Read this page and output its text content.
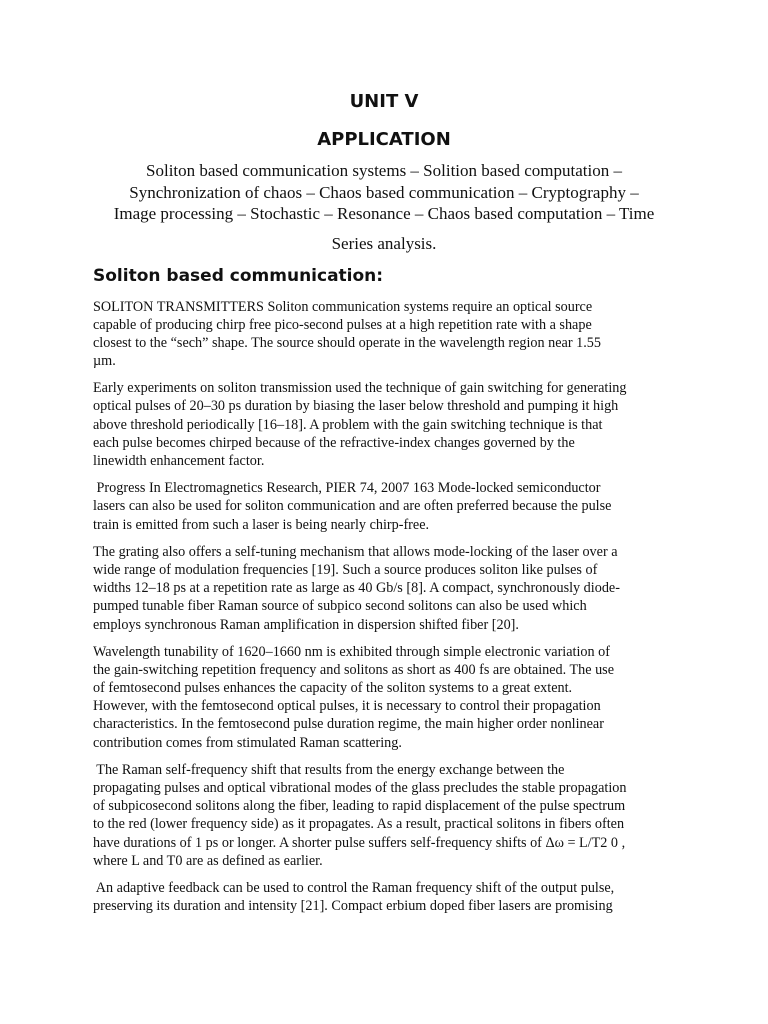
UNIT V
APPLICATION
Soliton based communication systems – Solition based computation –
Synchronization of chaos – Chaos based communication – Cryptography –
Image processing – Stochastic – Resonance – Chaos based computation – Time
Series analysis.
Soliton based communication:
SOLITON TRANSMITTERS Soliton communication systems require an optical source
capable of producing chirp free pico-second pulses at a high repetition rate with a shape
closest to the “sech” shape. The source should operate in the wavelength region near 1.55
µm.
Early experiments on soliton transmission used the technique of gain switching for generating
optical pulses of 20–30 ps duration by biasing the laser below threshold and pumping it high
above threshold periodically [16–18]. A problem with the gain switching technique is that
each pulse becomes chirped because of the refractive-index changes governed by the
linewidth enhancement factor.
Progress In Electromagnetics Research, PIER 74, 2007 163 Mode-locked semiconductor
lasers can also be used for soliton communication and are often preferred because the pulse
train is emitted from such a laser is being nearly chirp-free.
The grating also offers a self-tuning mechanism that allows mode-locking of the laser over a
wide range of modulation frequencies [19]. Such a source produces soliton like pulses of
widths 12–18 ps at a repetition rate as large as 40 Gb/s [8]. A compact, synchronously diode-
pumped tunable fiber Raman source of subpico second solitons can also be used which
employs synchronous Raman amplification in dispersion shifted fiber [20].
Wavelength tunability of 1620–1660 nm is exhibited through simple electronic variation of
the gain-switching repetition frequency and solitons as short as 400 fs are obtained. The use
of femtosecond pulses enhances the capacity of the soliton systems to a great extent.
However, with the femtosecond optical pulses, it is necessary to control their propagation
characteristics. In the femtosecond pulse duration regime, the main higher order nonlinear
contribution comes from stimulated Raman scattering.
The Raman self-frequency shift that results from the energy exchange between the
propagating pulses and optical vibrational modes of the glass precludes the stable propagation
of subpicosecond solitons along the fiber, leading to rapid displacement of the pulse spectrum
to the red (lower frequency side) as it propagates. As a result, practical solitons in fibers often
have durations of 1 ps or longer. A shorter pulse suffers self-frequency shifts of Δω = L/T2 0 ,
where L and T0 are as defined as earlier.
An adaptive feedback can be used to control the Raman frequency shift of the output pulse,
preserving its duration and intensity [21]. Compact erbium doped fiber lasers are promising
